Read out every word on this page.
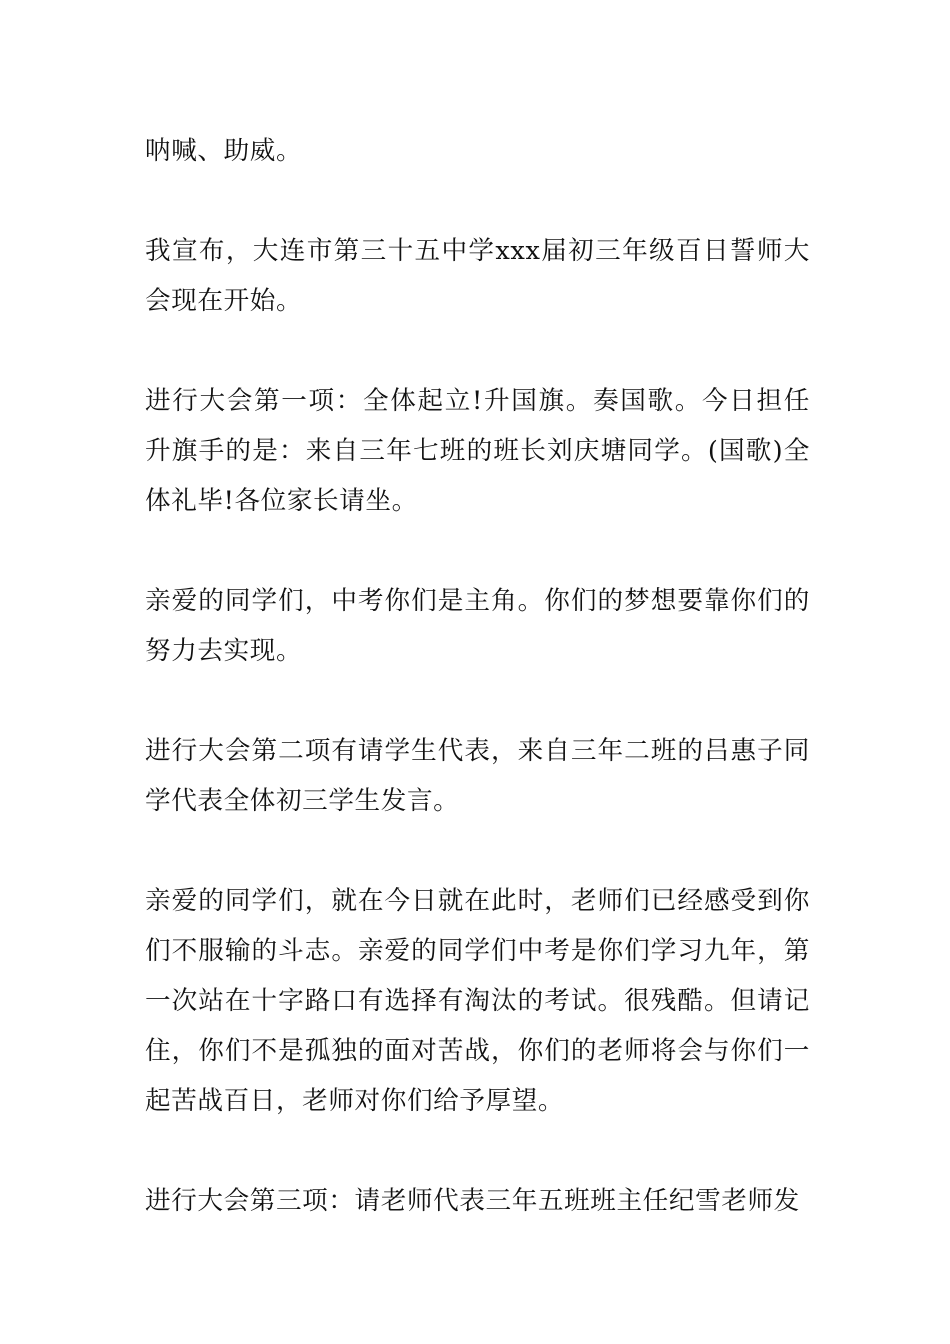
呐喊、助威。

我宣布，大连市第三十五中学xxx届初三年级百日誓师大会现在开始。

进行大会第一项：全体起立!升国旗。奏国歌。今日担任升旗手的是：来自三年七班的班长刘庆塘同学。(国歌)全体礼毕!各位家长请坐。

亲爱的同学们，中考你们是主角。你们的梦想要靠你们的努力去实现。

进行大会第二项有请学生代表，来自三年二班的吕惠子同学代表全体初三学生发言。

亲爱的同学们，就在今日就在此时，老师们已经感受到你们不服输的斗志。亲爱的同学们中考是你们学习九年，第一次站在十字路口有选择有淘汰的考试。很残酷。但请记住，你们不是孤独的面对苦战，你们的老师将会与你们一起苦战百日，老师对你们给予厚望。

进行大会第三项：请老师代表三年五班班主任纪雪老师发
